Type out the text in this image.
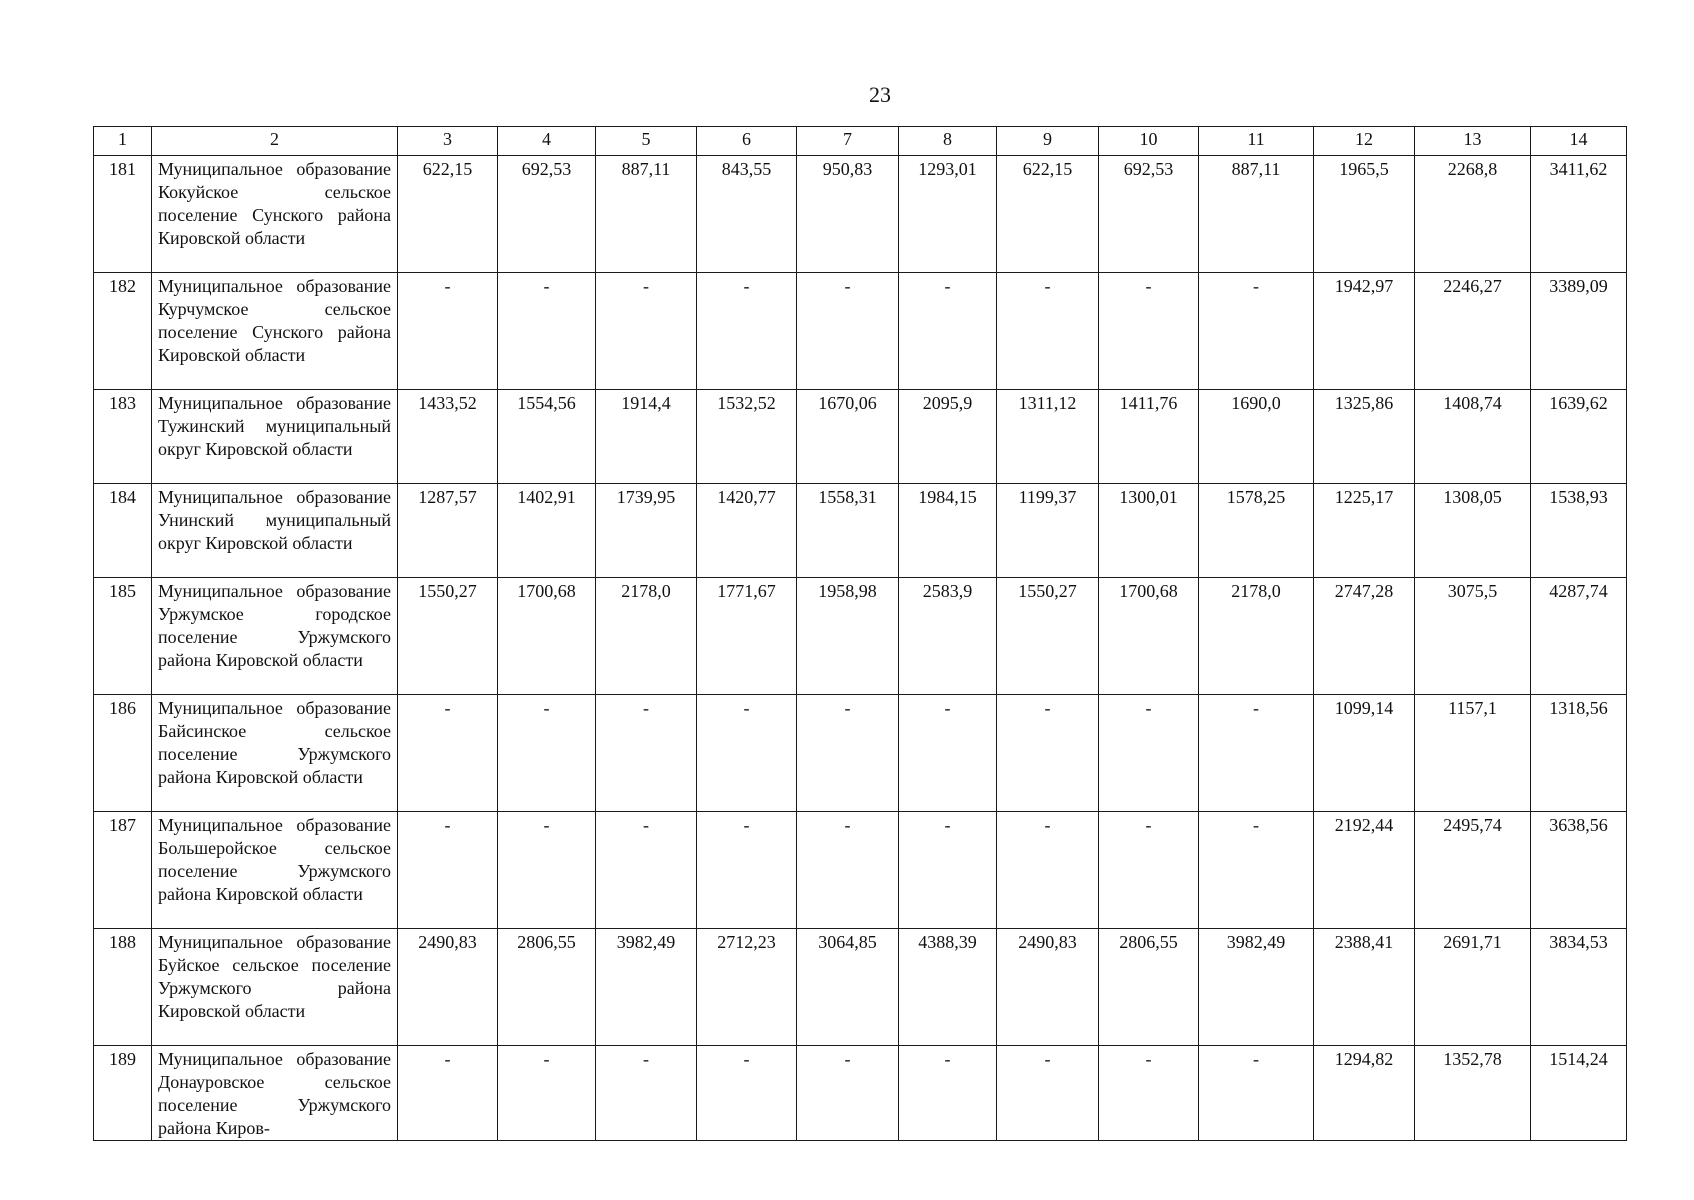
23
1	2	3	4	5	6	7	8	9	10	11	12	13	14
181	Муниципальное образование Кокуйское сельское поселение Сунского района Кировской области	622,15	692,53	887,11	843,55	950,83	1293,01	622,15	692,53	887,11	1965,5	2268,8	3411,62
182	Муниципальное образование Курчумское сельское поселение Сунского района Кировской области	-	-	-	-	-	-	-	-	-	1942,97	2246,27	3389,09
183	Муниципальное образование Тужинский муниципальный округ Кировской области	1433,52	1554,56	1914,4	1532,52	1670,06	2095,9	1311,12	1411,76	1690,0	1325,86	1408,74	1639,62
184	Муниципальное образование Унинский муниципальный округ Кировской области	1287,57	1402,91	1739,95	1420,77	1558,31	1984,15	1199,37	1300,01	1578,25	1225,17	1308,05	1538,93
185	Муниципальное образование Уржумское городское поселение Уржумского района Кировской области	1550,27	1700,68	2178,0	1771,67	1958,98	2583,9	1550,27	1700,68	2178,0	2747,28	3075,5	4287,74
186	Муниципальное образование Байсинское сельское поселение Уржумского района Кировской области	-	-	-	-	-	-	-	-	-	1099,14	1157,1	1318,56
187	Муниципальное образование Большеройское сельское поселение Уржумского района Кировской области	-	-	-	-	-	-	-	-	-	2192,44	2495,74	3638,56
188	Муниципальное образование Буйское сельское поселение Уржумского района Кировской области	2490,83	2806,55	3982,49	2712,23	3064,85	4388,39	2490,83	2806,55	3982,49	2388,41	2691,71	3834,53
189	Муниципальное образование Донауровское сельское поселение Уржумского района Киров-	-	-	-	-	-	-	-	-	-	1294,82	1352,78	1514,24
